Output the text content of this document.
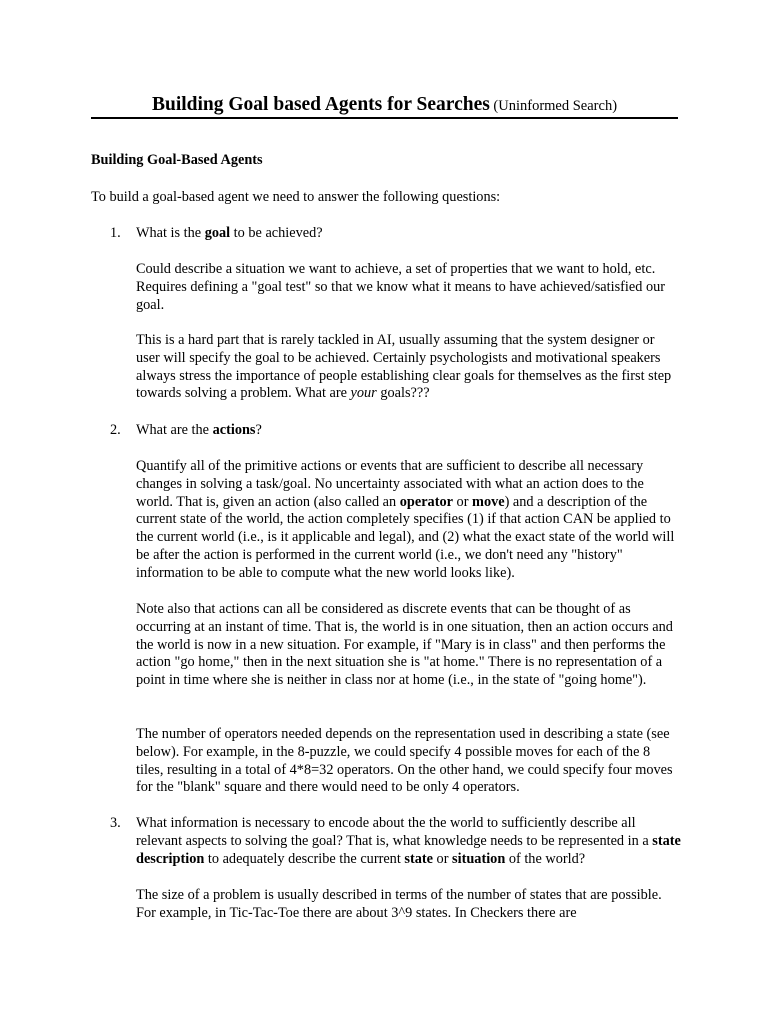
Building Goal based Agents for Searches (Uninformed Search)

Building Goal-Based Agents

To build a goal-based agent we need to answer the following questions:

1.	What is the goal to be achieved?

Could describe a situation we want to achieve, a set of properties that we want to hold, etc. Requires defining a "goal test" so that we know what it means to have achieved/satisfied our goal.

This is a hard part that is rarely tackled in AI, usually assuming that the system designer or user will specify the goal to be achieved. Certainly psychologists and motivational speakers always stress the importance of people establishing clear goals for themselves as the first step towards solving a problem. What are your goals???

2.	What are the actions?

Quantify all of the primitive actions or events that are sufficient to describe all necessary changes in solving a task/goal. No uncertainty associated with what an action does to the world. That is, given an action (also called an operator or move) and a description of the current state of the world, the action completely specifies (1) if that action CAN be applied to the current world (i.e., is it applicable and legal), and (2) what the exact state of the world will be after the action is performed in the current world (i.e., we don't need any "history" information to be able to compute what the new world looks like).

Note also that actions can all be considered as discrete events that can be thought of as occurring at an instant of time. That is, the world is in one situation, then an action occurs and the world is now in a new situation. For example, if "Mary is in class" and then performs the action "go home," then in the next situation she is "at home." There is no representation of a point in time where she is neither in class nor at home (i.e., in the state of "going home").

The number of operators needed depends on the representation used in describing a state (see below). For example, in the 8-puzzle, we could specify 4 possible moves for each of the 8 tiles, resulting in a total of 4*8=32 operators. On the other hand, we could specify four moves for the "blank" square and there would need to be only 4 operators.

3.	What information is necessary to encode about the the world to sufficiently describe all relevant aspects to solving the goal? That is, what knowledge needs to be represented in a state description to adequately describe the current state or situation of the world?

The size of a problem is usually described in terms of the number of states that are possible. For example, in Tic-Tac-Toe there are about 3^9 states. In Checkers there are
